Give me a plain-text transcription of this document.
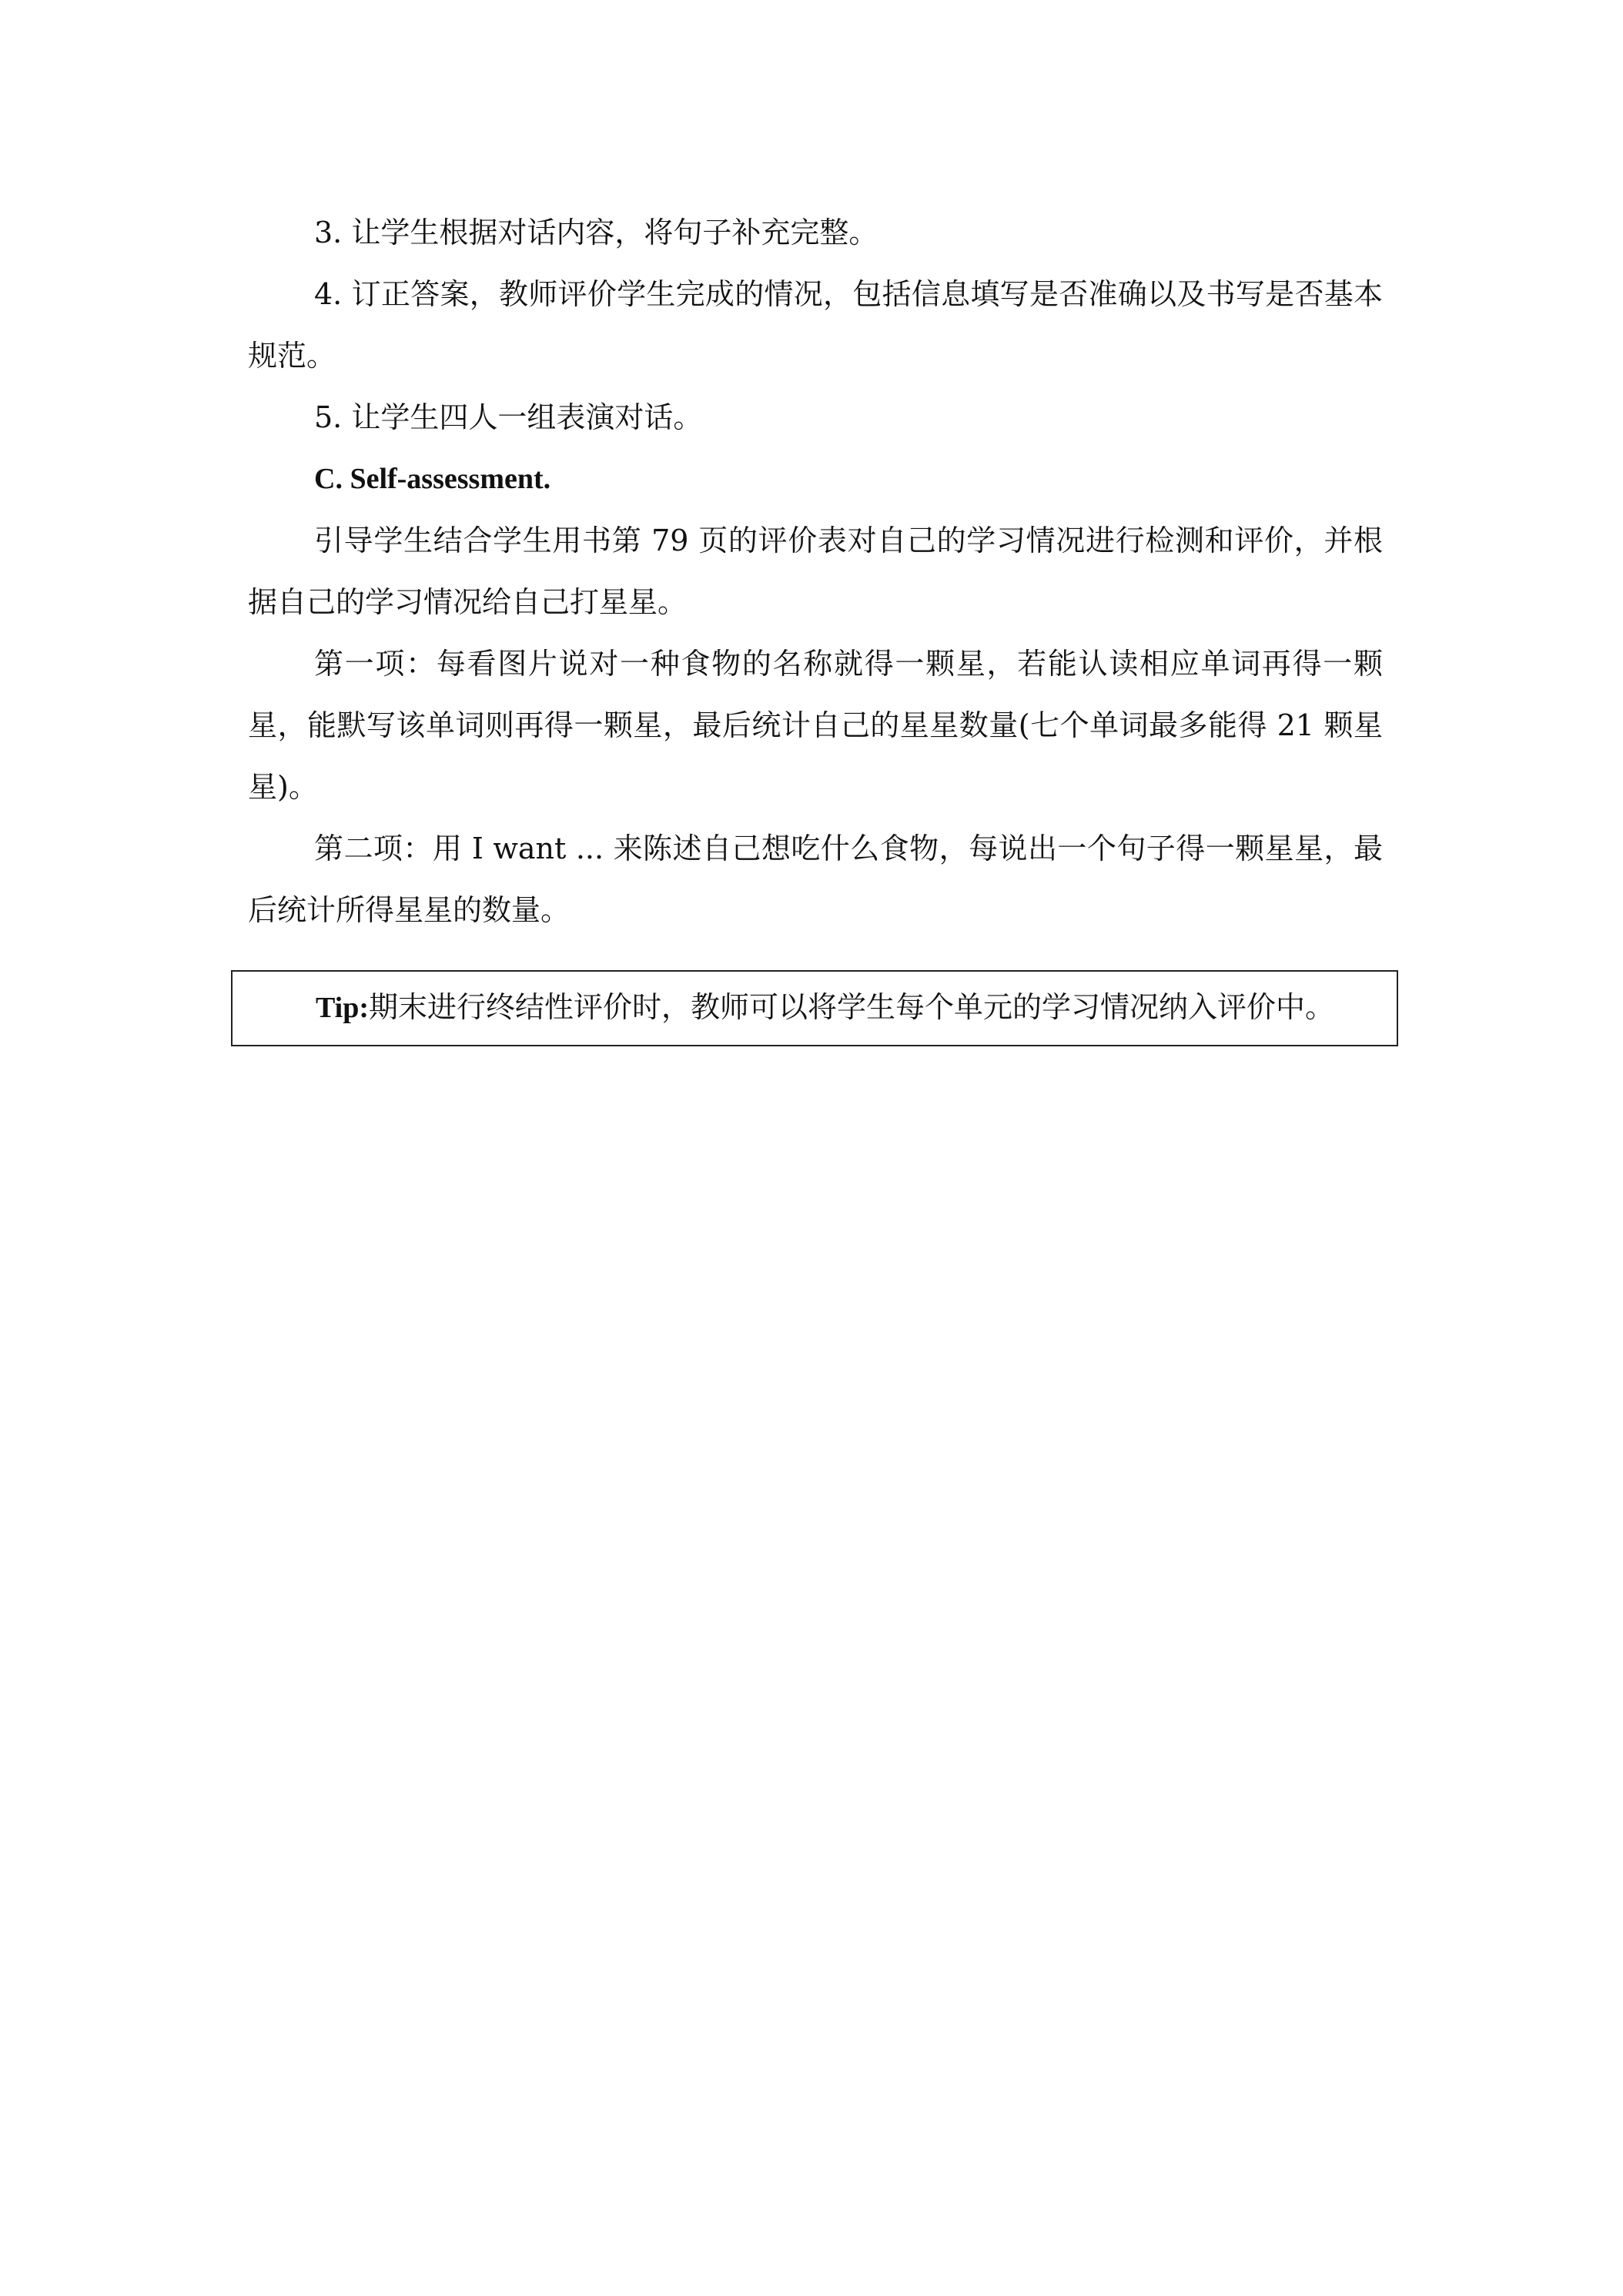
3. 让学生根据对话内容，将句子补充完整。

4. 订正答案，教师评价学生完成的情况，包括信息填写是否准确以及书写是否基本规范。

5. 让学生四人一组表演对话。

C. Self-assessment.

引导学生结合学生用书第 79 页的评价表对自己的学习情况进行检测和评价，并根据自己的学习情况给自己打星星。

第一项：每看图片说对一种食物的名称就得一颗星，若能认读相应单词再得一颗星，能默写该单词则再得一颗星，最后统计自己的星星数量(七个单词最多能得 21 颗星星)。

第二项：用 I want ... 来陈述自己想吃什么食物，每说出一个句子得一颗星星，最后统计所得星星的数量。

Tip:期末进行终结性评价时，教师可以将学生每个单元的学习情况纳入评价中。
